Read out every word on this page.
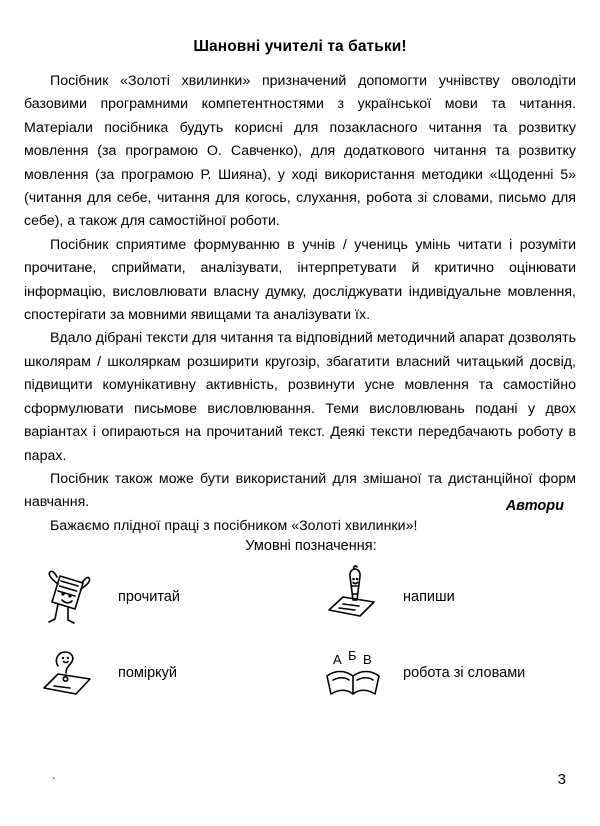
Шановні учителі та батьки!

Посібник «Золоті хвилинки» призначений допомогти учнівству оволодіти базовими програмними компетентностями з української мови та читання. Матеріали посібника будуть корисні для позакласного читання та розвитку мовлення (за програмою О. Савченко), для додаткового читання та розвитку мовлення (за програмою Р. Шияна), у ході використання методики «Щоденні 5» (читання для себе, читання для когось, слухання, робота зі словами, письмо для себе), а також для самостійної роботи.

Посібник сприятиме формуванню в учнів / учениць умінь читати і розуміти прочитане, сприймати, аналізувати, інтерпретувати й критично оцінювати інформацію, висловлювати власну думку, досліджувати індивідуальне мовлення, спостерігати за мовними явищами та аналізувати їх.

Вдало дібрані тексти для читання та відповідний методичний апарат дозволять школярам / школяркам розширити кругозір, збагатити власний читацький досвід, підвищити комунікативну активність, розвинути усне мовлення та самостійно сформулювати письмове висловлювання. Теми висловлювань подані у двох варіантах і опираються на прочитаний текст. Деякі тексти передбачають роботу в парах.

Посібник також може бути використаний для змішаної та дистанційної форм навчання.

Бажаємо плідної праці з посібником «Золоті хвилинки»!

Автори
Умовні позначення:
прочитай	напиши
поміркуй
А Б В
робота зі словами
.	3
